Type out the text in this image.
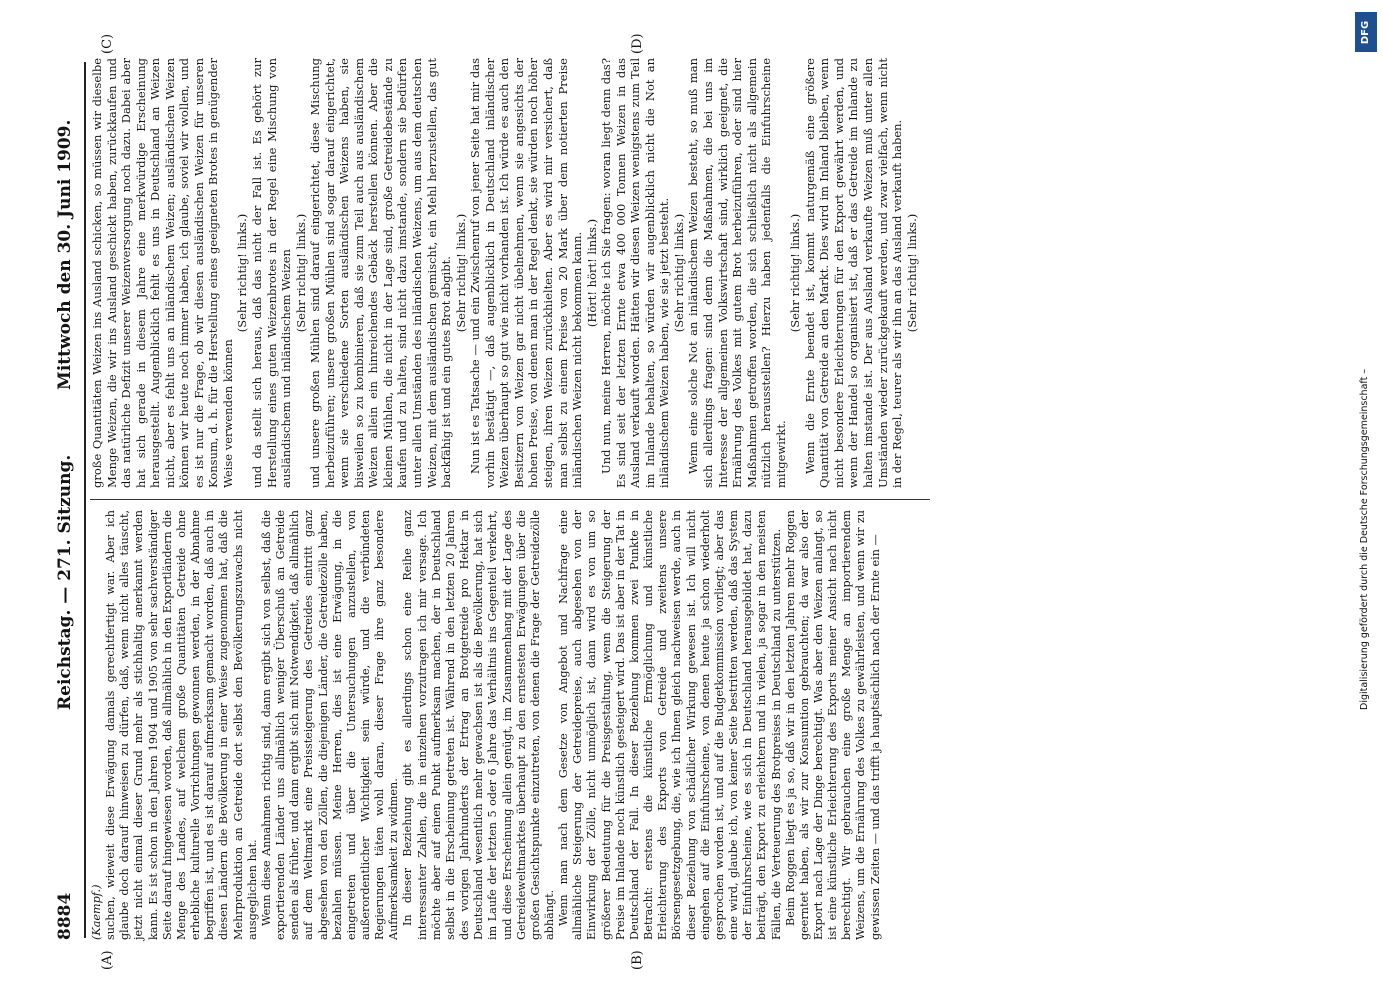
8884
Reichstag. — 271. Sitzung.
Mittwoch den 30. Juni 1909.
(A)	(B)
(C)	(D)

(Kaempf.) suchen, wieweit diese Erwägung damals gerechtfertigt war. Aber ich glaube doch darauf hinweisen zu dürfen, daß, wenn nicht alles täuscht, jetzt nicht einmal dieser Grund mehr als stichhaltig anerkannt werden kann. Es ist schon in den Jahren 1904 und 1905 von sehr sachverständiger Seite darauf hingewiesen worden, daß allmählich in den Exportländern die Menge des Landes, auf welchem große Quantitäten Getreide ohne erhebliche kulturelle Vorrichtungen gewonnen werden, in der Abnahme begriffen ist, und es ist darauf aufmerksam gemacht worden, daß auch in diesen Ländern die Bevölkerung in einer Weise zugenommen hat, daß die Mehrproduktion an Getreide dort selbst den Bevölkerungszuwachs nicht ausgeglichen hat. Wenn diese Annahmen richtig sind, dann ergibt sich von selbst, daß die exportierenden Länder uns allmählich weniger Überschuß an Getreide senden als früher, und dann ergibt sich mit Notwendigkeit, daß allmählich auf dem Weltmarkt eine Preissteigerung des Getreides eintritt ganz abgesehen von den Zöllen, die diejenigen Länder, die Getreidezölle haben, bezahlen müssen. Meine Herren, dies ist eine Erwägung, in die eingetreten und über die Untersuchungen anzustellen, von außerordentlicher Wichtigkeit sein würde, und die verbündeten Regierungen täten wohl daran, dieser Frage ihre ganz besondere Aufmerksamkeit zu widmen. In dieser Beziehung gibt es allerdings schon eine Reihe ganz interessanter Zahlen, die in einzelnen vorzutragen ich mir versage. Ich möchte aber auf einen Punkt aufmerksam machen, der in Deutschland selbst in die Erscheinung getreten ist. Während in den letzten 20 Jahren des vorigen Jahrhunderts der Ertrag an Brotgetreide pro Hektar in Deutschland wesentlich mehr gewachsen ist als die Bevölkerung, hat sich im Laufe der letzten 5 oder 6 Jahre das Verhältnis ins Gegenteil verkehrt, und diese Erscheinung allein genügt, im Zusammenhang mit der Lage des Getreideweltmarktes überhaupt zu den ernstesten Erwägungen über die großen Gesichtspunkte einzutreten, von denen die Frage der Getreidezölle abhängt. Wenn man nach dem Gesetze von Angebot und Nachfrage eine allmähliche Steigerung der Getreidepreise, auch abgesehen von der Einwirkung der Zölle, nicht unmöglich ist, dann wird es von um so größerer Bedeutung für die Preisgestaltung, wenn die Steigerung der Preise im Inlande noch künstlich gesteigert wird. Das ist aber in der Tat in Deutschland der Fall. In dieser Beziehung kommen zwei Punkte in Betracht: erstens die künstliche Ermöglichung und künstliche Erleichterung des Exports von Getreide und zweitens unsere Börsengesetzgebung, die, wie ich Ihnen gleich nachweisen werde, auch in dieser Beziehung von schädlicher Wirkung gewesen ist. Ich will nicht eingehen auf die Einfuhrscheine, von denen heute ja schon wiederholt gesprochen worden ist, und auf die Budgetkommission vorliegt; aber das eine wird, glaube ich, von keiner Seite bestritten werden, daß das System der Einfuhrscheine, wie es sich in Deutschland herausgebildet hat, dazu beiträgt, den Export zu erleichtern und in vielen, ja sogar in den meisten Fällen, die Verteuerung des Brotpreises in Deutschland zu unterstützen. Beim Roggen liegt es ja so, daß wir in den letzten Jahren mehr Roggen geerntet haben, als wir zur Konsumtion gebrauchten; da war also der Export nach Lage der Dinge berechtigt. Was aber den Weizen anlangt, so ist eine künstliche Erleichterung des Exports meiner Ansicht nach nicht berechtigt. Wir gebrauchen eine große Menge an importierendem Weizens, um die Ernährung des Volkes zu gewährleisten, und wenn wir zu gewissen Zeiten — und das trifft ja hauptsächlich nach der Ernte ein —

große Quantitäten Weizen ins Ausland schicken, so müssen wir dieselbe Menge Weizen, die wir ins Ausland geschickt haben, zurückkaufen und das natürliche Defizit unserer Weizenversorgung noch dazu. Dabei aber hat sich gerade in diesem Jahre eine merkwürdige Erscheinung herausgestellt. Augenblicklich fehlt es uns in Deutschland an Weizen nicht, aber es fehlt uns an inländischem Weizen; ausländischen Weizen können wir heute noch immer haben, ich glaube, soviel wir wollen, und es ist nur die Frage, ob wir diesen ausländischen Weizen für unseren Konsum, d. h. für die Herstellung eines geeigneten Brotes in genügender Weise verwenden können

(Sehr richtig! links.) und da stellt sich heraus, daß das nicht der Fall ist. Es gehört zur Herstellung eines guten Weizenbrotes in der Regel eine Mischung von ausländischem und inländischem Weizen (Sehr richtig! links.) und unsere großen Mühlen sind darauf eingerichtet, diese Mischung herbeizuführen; unsere großen Mühlen sind sogar darauf eingerichtet, wenn sie verschiedene Sorten ausländischen Weizens haben, sie bisweilen so zu kombinieren, daß sie zum Teil auch aus ausländischem Weizen allein ein hinreichendes Gebäck herstellen können. Aber die kleinen Mühlen, die nicht in der Lage sind, große Getreidebestände zu kaufen und zu halten, sind nicht dazu imstande, sondern sie bedürfen unter allen Umständen des inländischen Weizens, um aus dem deutschen Weizen, mit dem ausländischen gemischt, ein Mehl herzustellen, das gut backfähig ist und ein gutes Brot abgibt. (Sehr richtig! links.) Nun ist es Tatsache — und ein Zwischenruf von jener Seite hat mir das vorhin bestätigt —, daß augenblicklich in Deutschland inländischer Weizen überhaupt so gut wie nicht vorhanden ist. Ich würde es auch den Besitzern von Weizen gar nicht übelnehmen, wenn sie angesichts der hohen Preise, von denen man in der Regel denkt, sie würden noch höher steigen, ihren Weizen zurückhielten. Aber es wird mir versichert, daß man selbst zu einem Preise von 20 Mark über dem notierten Preise inländischen Weizen nicht bekommen kann. (Hört! hört! links.) Und nun, meine Herren, möchte ich Sie fragen: woran liegt denn das? Es sind seit der letzten Ernte etwa 400 000 Tonnen Weizen in das Ausland verkauft worden. Hätten wir diesen Weizen wenigstens zum Teil im Inlande behalten, so würden wir augenblicklich nicht die Not an inländischem Weizen haben, wie sie jetzt besteht. (Sehr richtig! links.) Wenn eine solche Not an inländischem Weizen besteht, so muß man sich allerdings fragen: sind denn die Maßnahmen, die bei uns im Interesse der allgemeinen Volkswirtschaft sind, wirklich geeignet, die Ernährung des Volkes mit gutem Brot herbeizuführen, oder sind hier Maßnahmen getroffen worden, die sich schließlich nicht als allgemein nützlich herausstellen? Hierzu haben jedenfalls die Einfuhrscheine mitgewirkt.

(Sehr richtig! links.) Wenn die Ernte beendet ist, kommt naturgemäß eine größere Quantität von Getreide an den Markt. Dies wird im Inland bleiben, wenn nicht besondere Erleichterungen für den Export gewährt werden, und wenn der Handel so organisiert ist, daß er das Getreide im Inlande zu halten imstande ist. Der aus Ausland verkaufte Weizen muß unter allen Umständen wieder zurückgekauft werden, und zwar vielfach, wenn nicht in der Regel, teurer als wir ihn an das Ausland verkauft haben. (Sehr richtig! links.)

DFG
Digitalisierung gefördert durch die Deutsche Forschungsgemeinschaft –
